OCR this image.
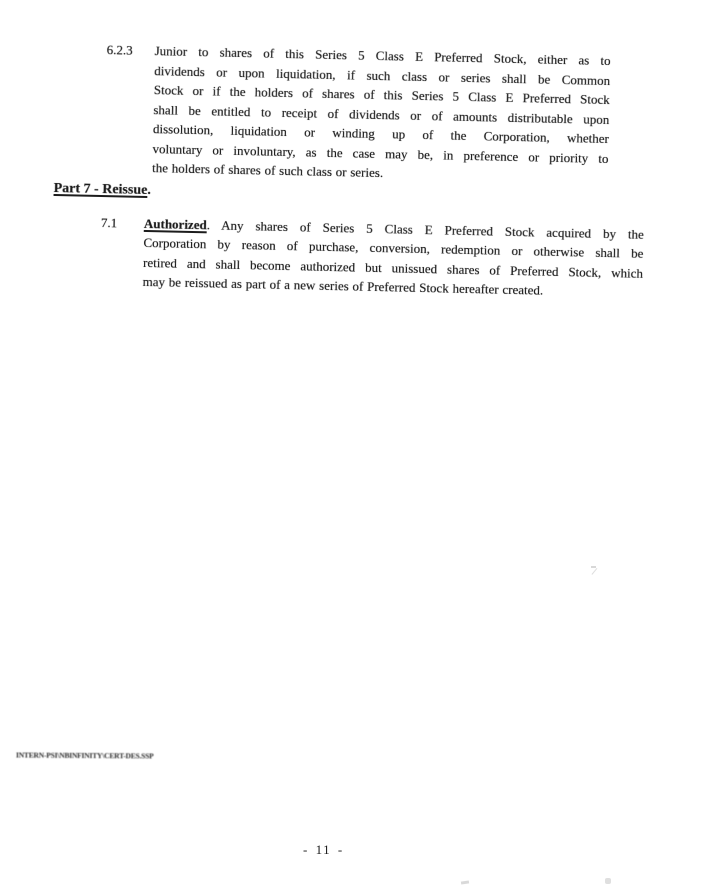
6.2.3 Junior to shares of this Series 5 Class E Preferred Stock, either as to
dividends or upon liquidation, if such class or series shall be Common
Stock or if the holders of shares of this Series 5 Class E Preferred Stock
shall be entitled to receipt of dividends or of amounts distributable upon
dissolution, liquidation or winding up of the Corporation, whether
voluntary or involuntary, as the case may be, in preference or priority to
the holders of shares of such class or series.
Part 7 - Reissue.
7.1 Authorized. Any shares of Series 5 Class E Preferred Stock acquired by the
Corporation by reason of purchase, conversion, redemption or otherwise shall be
retired and shall become authorized but unissued shares of Preferred Stock, which
may be reissued as part of a new series of Preferred Stock hereafter created.
INTERN-PSI\NBINFINITY\CERT-DES.SSP
- 11 -
